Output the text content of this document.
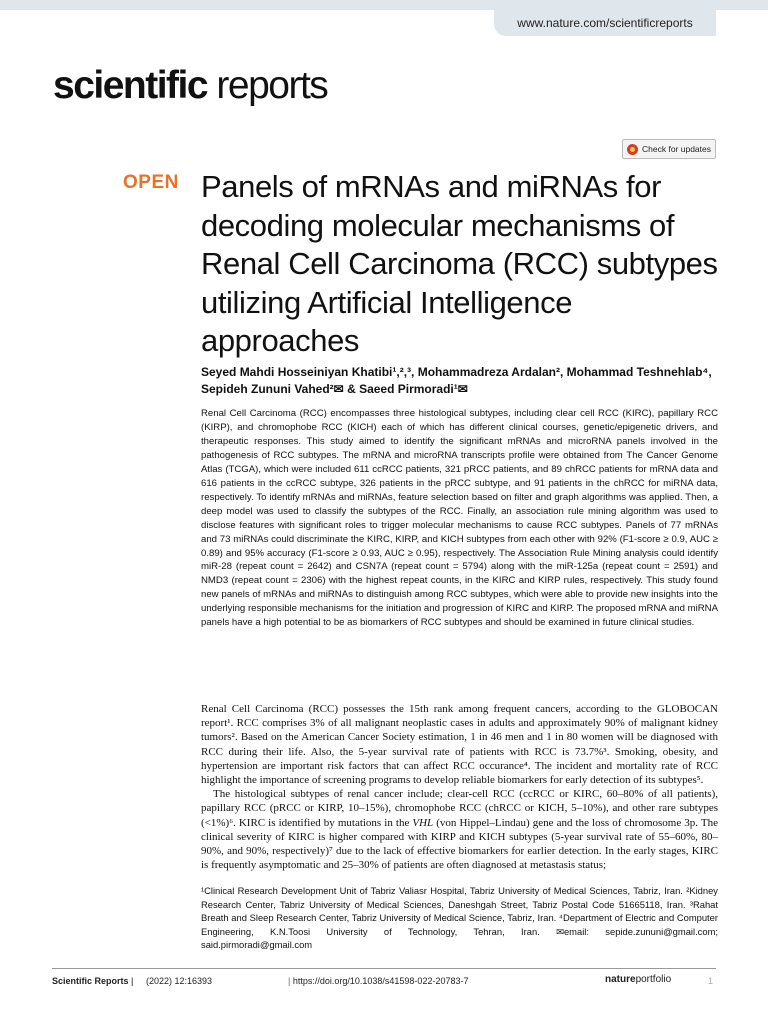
www.nature.com/scientificreports
scientific reports
Check for updates
OPEN Panels of mRNAs and miRNAs for decoding molecular mechanisms of Renal Cell Carcinoma (RCC) subtypes utilizing Artificial Intelligence approaches
Seyed Mahdi Hosseiniyan Khatibi¹,²,³, Mohammadreza Ardalan², Mohammad Teshnehlab⁴, Sepideh Zununi Vahed²✉ & Saeed Pirmoradi¹✉
Renal Cell Carcinoma (RCC) encompasses three histological subtypes, including clear cell RCC (KIRC), papillary RCC (KIRP), and chromophobe RCC (KICH) each of which has different clinical courses, genetic/epigenetic drivers, and therapeutic responses. This study aimed to identify the significant mRNAs and microRNA panels involved in the pathogenesis of RCC subtypes. The mRNA and microRNA transcripts profile were obtained from The Cancer Genome Atlas (TCGA), which were included 611 ccRCC patients, 321 pRCC patients, and 89 chRCC patients for mRNA data and 616 patients in the ccRCC subtype, 326 patients in the pRCC subtype, and 91 patients in the chRCC for miRNA data, respectively. To identify mRNAs and miRNAs, feature selection based on filter and graph algorithms was applied. Then, a deep model was used to classify the subtypes of the RCC. Finally, an association rule mining algorithm was used to disclose features with significant roles to trigger molecular mechanisms to cause RCC subtypes. Panels of 77 mRNAs and 73 miRNAs could discriminate the KIRC, KIRP, and KICH subtypes from each other with 92% (F1-score ≥ 0.9, AUC ≥ 0.89) and 95% accuracy (F1-score ≥ 0.93, AUC ≥ 0.95), respectively. The Association Rule Mining analysis could identify miR-28 (repeat count = 2642) and CSN7A (repeat count = 5794) along with the miR-125a (repeat count = 2591) and NMD3 (repeat count = 2306) with the highest repeat counts, in the KIRC and KIRP rules, respectively. This study found new panels of mRNAs and miRNAs to distinguish among RCC subtypes, which were able to provide new insights into the underlying responsible mechanisms for the initiation and progression of KIRC and KIRP. The proposed mRNA and miRNA panels have a high potential to be as biomarkers of RCC subtypes and should be examined in future clinical studies.

Renal Cell Carcinoma (RCC) possesses the 15th rank among frequent cancers, according to the GLOBOCAN report¹. RCC comprises 3% of all malignant neoplastic cases in adults and approximately 90% of malignant kidney tumors². Based on the American Cancer Society estimation, 1 in 46 men and 1 in 80 women will be diagnosed with RCC during their life. Also, the 5-year survival rate of patients with RCC is 73.7%³. Smoking, obesity, and hypertension are important risk factors that can affect RCC occurance⁴. The incident and mortality rate of RCC highlight the importance of screening programs to develop reliable biomarkers for early detection of its subtypes⁵.

The histological subtypes of renal cancer include; clear-cell RCC (ccRCC or KIRC, 60–80% of all patients), papillary RCC (pRCC or KIRP, 10–15%), chromophobe RCC (chRCC or KICH, 5–10%), and other rare subtypes (<1%)⁶. KIRC is identified by mutations in the VHL (von Hippel–Lindau) gene and the loss of chromosome 3p. The clinical severity of KIRC is higher compared with KIRP and KICH subtypes (5-year survival rate of 55–60%, 80–90%, and 90%, respectively)⁷ due to the lack of effective biomarkers for earlier detection. In the early stages, KIRC is frequently asymptomatic and 25–30% of patients are often diagnosed at metastasis status;

¹Clinical Research Development Unit of Tabriz Valiasr Hospital, Tabriz University of Medical Sciences, Tabriz, Iran. ²Kidney Research Center, Tabriz University of Medical Sciences, Daneshgah Street, Tabriz Postal Code 51665118, Iran. ³Rahat Breath and Sleep Research Center, Tabriz University of Medical Science, Tabriz, Iran. ⁴Department of Electric and Computer Engineering, K.N.Toosi University of Technology, Tehran, Iran. ✉email: sepide.zununi@gmail.com; said.pirmoradi@gmail.com
Scientific Reports | (2022) 12:16393	| https://doi.org/10.1038/s41598-022-20783-7	natureportfolio	1
